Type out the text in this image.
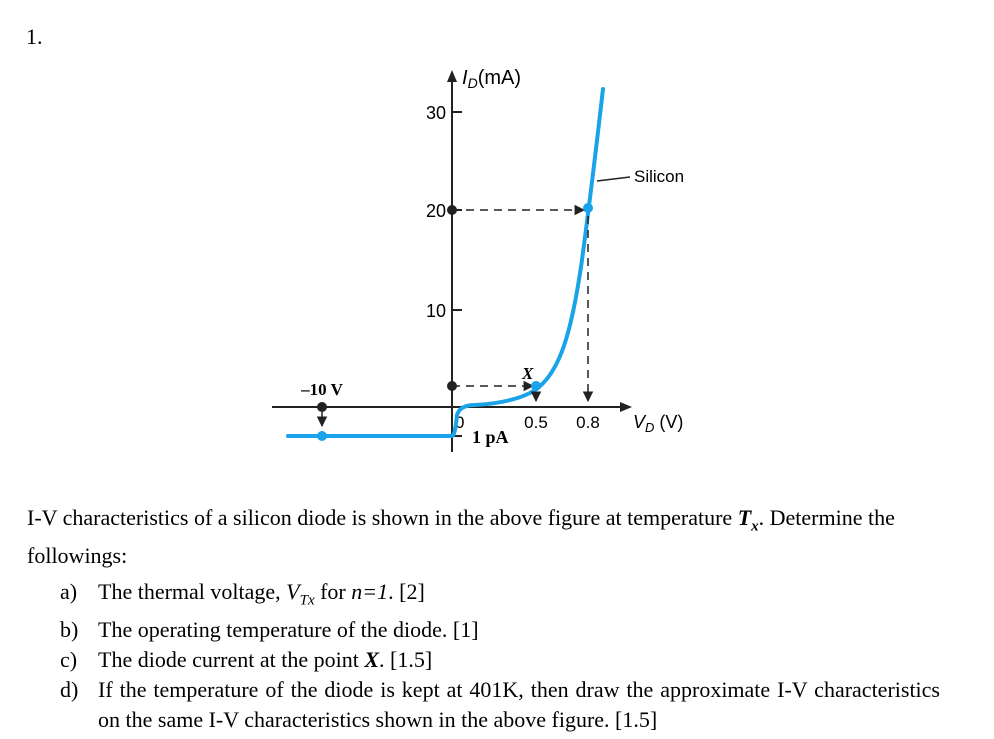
1.
30
20
10
$I_D(mA)$
0	0.5 0.8 $V_D$ (V)
1 pA
–10 V
Silicon
X
I-V characteristics of a silicon diode is shown in the above figure at temperature $T_x$. Determine the followings:
a) The thermal voltage, $V_{Tx}$ for n=1. [2]
b) The operating temperature of the diode. [1]
c) The diode current at the point X. [1.5]
d) If the temperature of the diode is kept at 401K, then draw the approximate I-V characteristics on the same I-V characteristics shown in the above figure. [1.5]
